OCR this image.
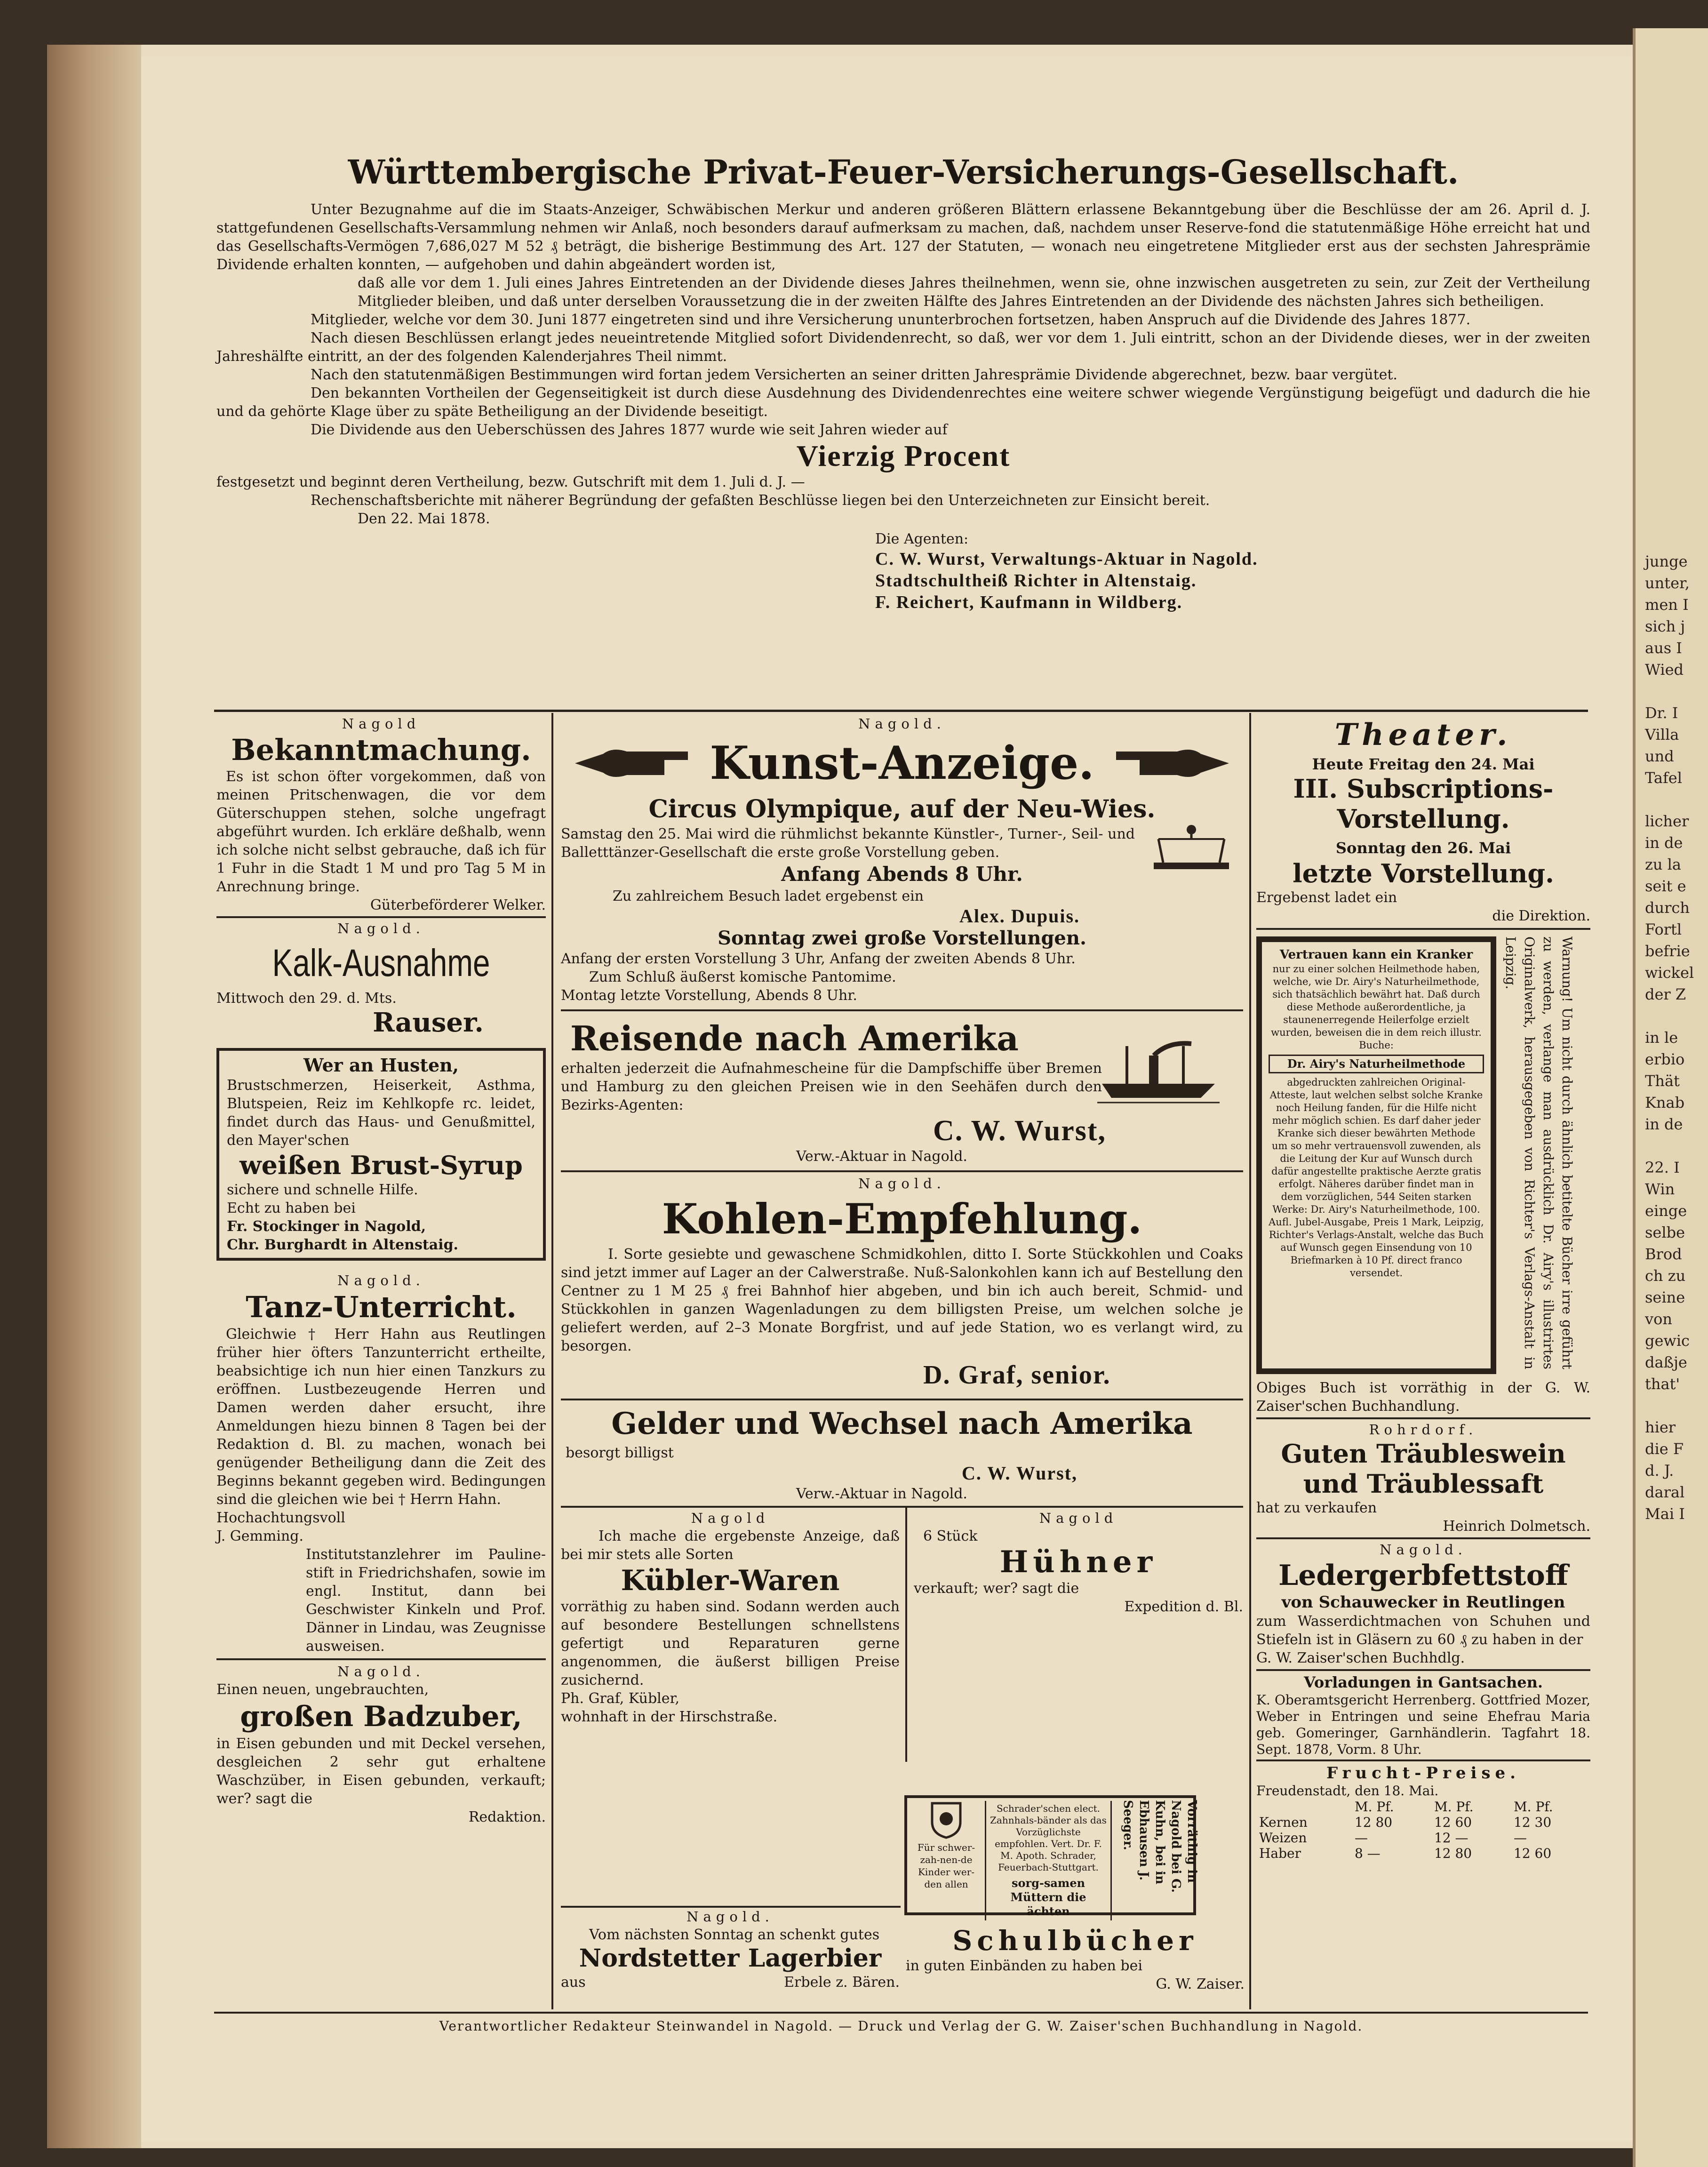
junge
unter,
men I
sich j
aus I
Wied

Dr. I
Villa
und
Tafel

licher
in de
zu la
seit e
durch
Fortl
befrie
wickel
der Z

in le
erbio
Thät
Knab
in de

22. I
Win
einge
selbe
Brod
ch zu
seine
von
gewic
daßje
that'

hier
die F
d. J.
daral
Mai I
Württembergische Privat-Feuer-Versicherungs-Gesellschaft.
Unter Bezugnahme auf die im Staats-Anzeiger, Schwäbischen Merkur und anderen größeren Blättern erlassene Bekanntgebung über die Beschlüsse der am 26. April d. J. stattgefundenen Gesellschafts-Versammlung nehmen wir Anlaß, noch besonders darauf aufmerksam zu machen, daß, nachdem unser Reserve-fond die statutenmäßige Höhe erreicht hat und das Gesellschafts-Vermögen 7,686,027 M 52 ₰ beträgt, die bisherige Bestimmung des Art. 127 der Statuten, — wonach neu eingetretene Mitglieder erst aus der sechsten Jahresprämie Dividende erhalten konnten, — aufgehoben und dahin abgeändert worden ist,
daß alle vor dem 1. Juli eines Jahres Eintretenden an der Dividende dieses Jahres theilnehmen, wenn sie, ohne inzwischen ausgetreten zu sein, zur Zeit der Vertheilung Mitglieder bleiben, und daß unter derselben Voraussetzung die in der zweiten Hälfte des Jahres Eintretenden an der Dividende des nächsten Jahres sich betheiligen.
Mitglieder, welche vor dem 30. Juni 1877 eingetreten sind und ihre Versicherung ununterbrochen fortsetzen, haben Anspruch auf die Dividende des Jahres 1877.
Nach diesen Beschlüssen erlangt jedes neueintretende Mitglied sofort Dividendenrecht, so daß, wer vor dem 1. Juli eintritt, schon an der Dividende dieses, wer in der zweiten Jahreshälfte eintritt, an der des folgenden Kalenderjahres Theil nimmt.
Nach den statutenmäßigen Bestimmungen wird fortan jedem Versicherten an seiner dritten Jahresprämie Dividende abgerechnet, bezw. baar vergütet.
Den bekannten Vortheilen der Gegenseitigkeit ist durch diese Ausdehnung des Dividendenrechtes eine weitere schwer wiegende Vergünstigung beigefügt und dadurch die hie und da gehörte Klage über zu späte Betheiligung an der Dividende beseitigt.
Die Dividende aus den Ueberschüssen des Jahres 1877 wurde wie seit Jahren wieder auf
Vierzig Procent
festgesetzt und beginnt deren Vertheilung, bezw. Gutschrift mit dem 1. Juli d. J. —
Rechenschaftsberichte mit näherer Begründung der gefaßten Beschlüsse liegen bei den Unterzeichneten zur Einsicht bereit.
Den 22. Mai 1878.
Die Agenten:
C. W. Wurst, Verwaltungs-Aktuar in Nagold.
Stadtschultheiß Richter in Altenstaig.
F. Reichert, Kaufmann in Wildberg.
Nagold
Bekanntmachung.
Es ist schon öfter vorgekommen, daß von meinen Pritschenwagen, die vor dem Güterschuppen stehen, solche ungefragt abgeführt wurden. Ich erkläre deßhalb, wenn ich solche nicht selbst gebrauche, daß ich für 1 Fuhr in die Stadt 1 M und pro Tag 5 M in Anrechnung bringe.
Güterbeförderer Welker.
Nagold.
Kalk-Ausnahme
Mittwoch den 29. d. Mts.
Rauser.
Wer an Husten,
Brustschmerzen, Heiserkeit, Asthma, Blutspeien, Reiz im Kehlkopfe rc. leidet, findet durch das Haus- und Genußmittel, den Mayer'schen
weißen Brust-Syrup
sichere und schnelle Hilfe.
Echt zu haben bei
Fr. Stockinger in Nagold,
Chr. Burghardt in Altenstaig.
Nagold.
Tanz-Unterricht.
Gleichwie † Herr Hahn aus Reutlingen früher hier öfters Tanzunterricht ertheilte, beabsichtige ich nun hier einen Tanzkurs zu eröffnen. Lustbezeugende Herren und Damen werden daher ersucht, ihre Anmeldungen hiezu binnen 8 Tagen bei der Redaktion d. Bl. zu machen, wonach bei genügender Betheiligung dann die Zeit des Beginns bekannt gegeben wird. Bedingungen sind die gleichen wie bei † Herrn Hahn.
Hochachtungsvoll
J. Gemming.
Institutstanzlehrer im Pauline-stift in Friedrichshafen, sowie im engl. Institut, dann bei Geschwister Kinkeln und Prof. Dänner in Lindau, was Zeugnisse ausweisen.
Nagold.
Einen neuen, ungebrauchten,
großen Badzuber,
in Eisen gebunden und mit Deckel versehen, desgleichen 2 sehr gut erhaltene Waschzüber, in Eisen gebunden, verkauft; wer? sagt die
Redaktion.
Nagold.
Kunst-Anzeige.
Circus Olympique, auf der Neu-Wies.
Samstag den 25. Mai wird die rühmlichst bekannte Künstler-, Turner-, Seil- und Balletttänzer-Gesellschaft die erste große Vorstellung geben.
Anfang Abends 8 Uhr.
Zu zahlreichem Besuch ladet ergebenst ein
Alex. Dupuis.
Sonntag zwei große Vorstellungen.
Anfang der ersten Vorstellung 3 Uhr, Anfang der zweiten Abends 8 Uhr.
Zum Schluß äußerst komische Pantomime.
Montag letzte Vorstellung, Abends 8 Uhr.
Reisende nach Amerika
erhalten jederzeit die Aufnahmescheine für die Dampfschiffe über Bremen und Hamburg zu den gleichen Preisen wie in den Seehäfen durch den Bezirks-Agenten:
C. W. Wurst,
Verw.-Aktuar in Nagold.
Nagold.
Kohlen-Empfehlung.
I. Sorte gesiebte und gewaschene Schmidkohlen, ditto I. Sorte Stückkohlen und Coaks sind jetzt immer auf Lager an der Calwerstraße. Nuß-Salonkohlen kann ich auf Bestellung den Centner zu 1 M 25 ₰ frei Bahnhof hier abgeben, und bin ich auch bereit, Schmid- und Stückkohlen in ganzen Wagenladungen zu dem billigsten Preise, um welchen solche je geliefert werden, auf 2–3 Monate Borgfrist, und auf jede Station, wo es verlangt wird, zu besorgen.
D. Graf, senior.
Gelder und Wechsel nach Amerika
besorgt billigst
C. W. Wurst,
Verw.-Aktuar in Nagold.
Nagold
Ich mache die ergebenste Anzeige, daß bei mir stets alle Sorten
Kübler-Waren
vorräthig zu haben sind. Sodann werden auch auf besondere Bestellungen schnellstens gefertigt und Reparaturen gerne angenommen, die äußerst billigen Preise zusichernd.
Ph. Graf, Kübler,
wohnhaft in der Hirschstraße.
Nagold
6 Stück
Hühner
verkauft; wer? sagt die
Expedition d. Bl.
Nagold.
Vom nächsten Sonntag an schenkt gutes
Nordstetter Lagerbier
aus	Erbele z. Bären.
Für schwer-zah-nen-de Kinder wer-den allen
Schrader'schen elect. Zahnhals-bänder als das Vorzüglichste empfohlen. Vert. Dr. F. M. Apoth. Schrader, Feuerbach-Stuttgart.
sorg-samen Müttern die ächten
Vorräthig in Nagold bei G. Kuhn, bei in Ebhausen J. Seeger.
Schulbücher
in guten Einbänden zu haben bei
G. W. Zaiser.
Theater.
Heute Freitag den 24. Mai
III. Subscriptions-Vorstellung.
Sonntag den 26. Mai
letzte Vorstellung.
Ergebenst ladet ein
die Direktion.
Vertrauen kann ein Kranker
nur zu einer solchen Heilmethode haben, welche, wie Dr. Airy's Naturheilmethode, sich thatsächlich bewährt hat. Daß durch diese Methode außerordentliche, ja staunenerregende Heilerfolge erzielt wurden, beweisen die in dem reich illustr. Buche:
Dr. Airy's Naturheilmethode
abgedruckten zahlreichen Original-Atteste, laut welchen selbst solche Kranke noch Heilung fanden, für die Hilfe nicht mehr möglich schien. Es darf daher jeder Kranke sich dieser bewährten Methode um so mehr vertrauensvoll zuwenden, als die Leitung der Kur auf Wunsch durch dafür angestellte praktische Aerzte gratis erfolgt. Näheres darüber findet man in dem vorzüglichen, 544 Seiten starken Werke: Dr. Airy's Naturheilmethode, 100. Aufl. Jubel-Ausgabe, Preis 1 Mark, Leipzig, Richter's Verlags-Anstalt, welche das Buch auf Wunsch gegen Einsendung von 10 Briefmarken à 10 Pf. direct franco versendet.	Warnung! Um nicht durch ähnlich betitelte Bücher irre geführt zu werden, verlange man ausdrücklich Dr. Airy's illustrirtes Originalwerk, herausgegeben von Richter's Verlags-Anstalt in Leipzig.
Obiges Buch ist vorräthig in der G. W. Zaiser'schen Buchhandlung.
Rohrdorf.
Guten Träubleswein und Träublessaft
hat zu verkaufen
Heinrich Dolmetsch.
Nagold.
Ledergerbfettstoff
von Schauwecker in Reutlingen
zum Wasserdichtmachen von Schuhen und Stiefeln ist in Gläsern zu 60 ₰ zu haben in der
G. W. Zaiser'schen Buchhdlg.
Vorladungen in Gantsachen.
K. Oberamtsgericht Herrenberg. Gottfried Mozer, Weber in Entringen und seine Ehefrau Maria geb. Gomeringer, Garnhändlerin. Tagfahrt 18. Sept. 1878, Vorm. 8 Uhr.
Frucht-Preise.
Freudenstadt, den 18. Mai.
	M. Pf.	M. Pf.	M. Pf.
Kernen	12 80	12 60	12 30
Weizen	—	12 —	—
Haber	8 —	12 80	12 60
Verantwortlicher Redakteur Steinwandel in Nagold. — Druck und Verlag der G. W. Zaiser'schen Buchhandlung in Nagold.
